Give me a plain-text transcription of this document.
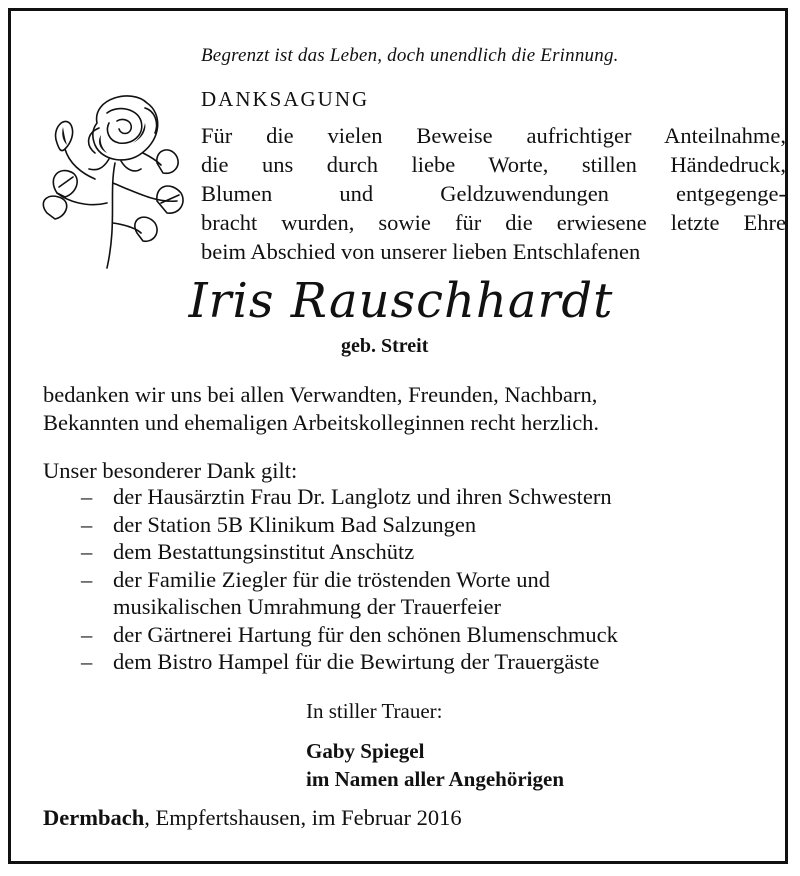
Begrenzt ist das Leben, doch unendlich die Erinnung.
DANKSAGUNG
Für die vielen Beweise aufrichtiger Anteilnahme,
die uns durch liebe Worte, stillen Händedruck,
Blumen und Geldzuwendungen entgegenge-
bracht wurden, sowie für die erwiesene letzte Ehre
beim Abschied von unserer lieben Entschlafenen
Iris Rauschhardt
geb. Streit
bedanken wir uns bei allen Verwandten, Freunden, Nachbarn,
Bekannten und ehemaligen Arbeitskolleginnen recht herzlich.
Unser besonderer Dank gilt:
– der Hausärztin Frau Dr. Langlotz und ihren Schwestern
– der Station 5B Klinikum Bad Salzungen
– dem Bestattungsinstitut Anschütz
– der Familie Ziegler für die tröstenden Worte und
musikalischen Umrahmung der Trauerfeier
– der Gärtnerei Hartung für den schönen Blumenschmuck
– dem Bistro Hampel für die Bewirtung der Trauergäste
In stiller Trauer:
Gaby Spiegel
im Namen aller Angehörigen
Dermbach, Empfertshausen, im Februar 2016
